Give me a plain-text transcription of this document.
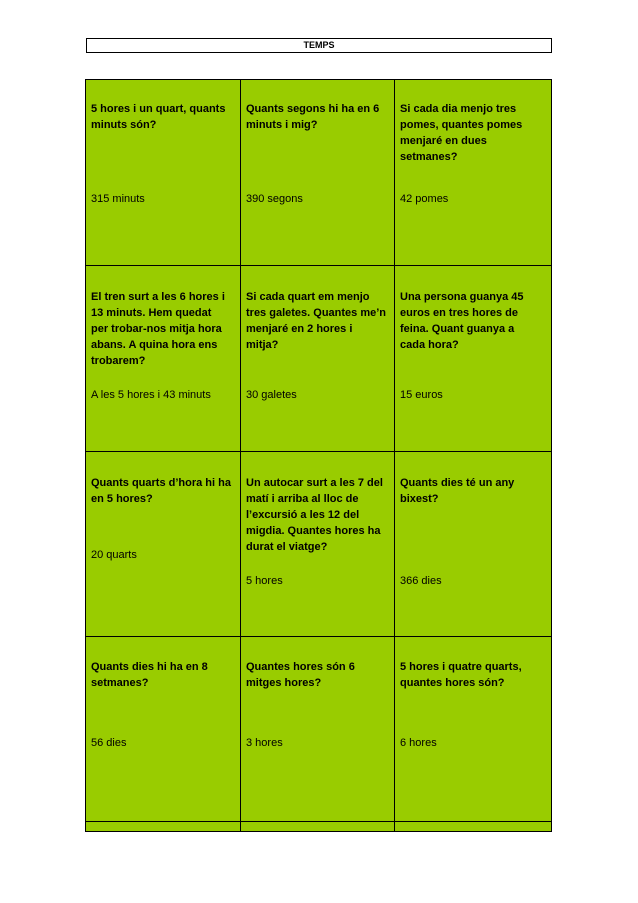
TEMPS
5 hores i un quart, quants minuts són?
315 minuts
Quants segons hi ha en 6 minuts i mig?
390 segons
Si cada dia menjo tres pomes, quantes pomes menjaré en dues setmanes?
42 pomes
El tren surt a les 6 hores i 13 minuts. Hem quedat per trobar-nos mitja hora abans. A quina hora ens trobarem?
A les 5 hores i 43 minuts
Si cada quart em menjo tres galetes. Quantes me’n menjaré en 2 hores i mitja?
30 galetes
Una persona guanya 45 euros en tres hores de feina. Quant guanya a cada hora?
15 euros
Quants quarts d’hora hi ha en 5 hores?
20 quarts
Un autocar surt a les 7 del matí i arriba al lloc de l’excursió a les 12 del migdia. Quantes hores ha durat el viatge?
5 hores
Quants dies té un any bixest?
366 dies
Quants dies hi ha en 8 setmanes?
56 dies
Quantes hores són 6 mitges hores?
3 hores
5 hores i quatre quarts, quantes hores són?
6 hores
